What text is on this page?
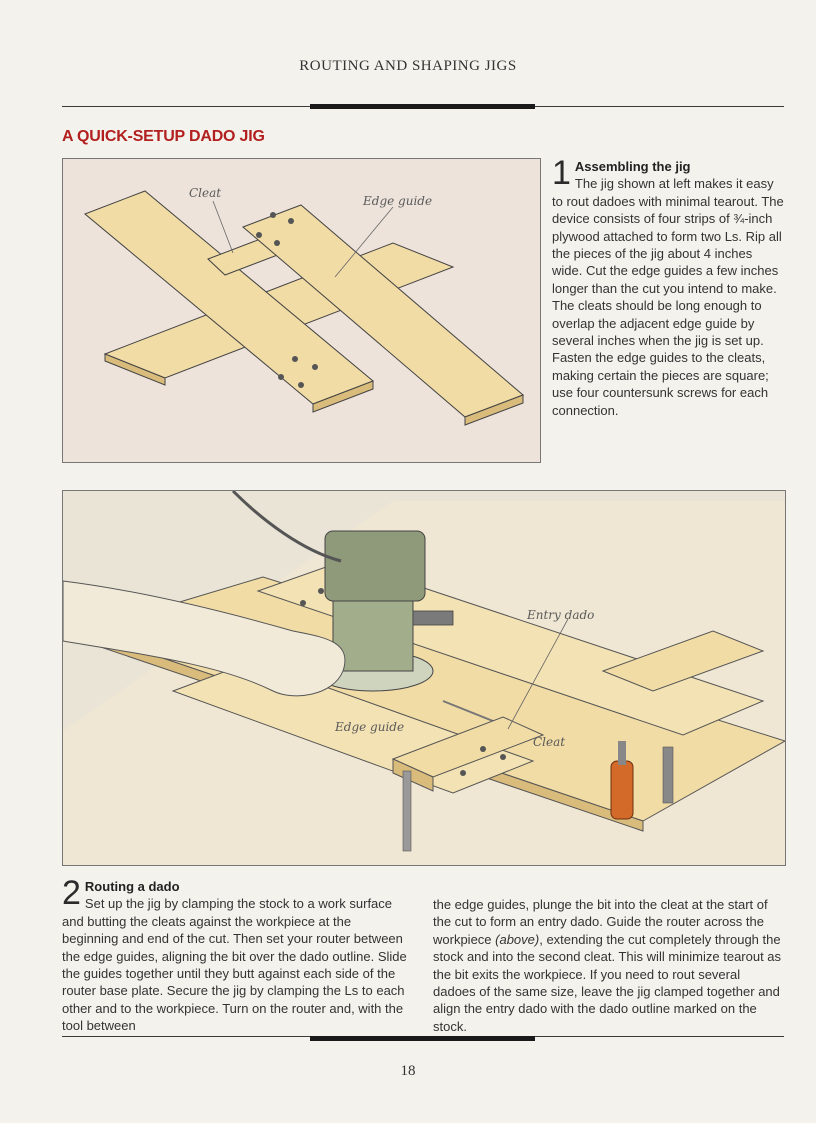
ROUTING AND SHAPING JIGS
A QUICK-SETUP DADO JIG
Cleat
Edge guide
1 Assembling the jig
The jig shown at left makes it easy to rout dadoes with minimal tearout. The device consists of four strips of ¾-inch plywood attached to form two Ls. Rip all the pieces of the jig about 4 inches wide. Cut the edge guides a few inches longer than the cut you intend to make. The cleats should be long enough to overlap the adjacent edge guide by several inches when the jig is set up. Fasten the edge guides to the cleats, making certain the pieces are square; use four countersunk screws for each connection.
Entry dado
Edge guide
Cleat
2 Routing a dado
Set up the jig by clamping the stock to a work surface and butting the cleats against the workpiece at the beginning and end of the cut. Then set your router between the edge guides, aligning the bit over the dado outline. Slide the guides together until they butt against each side of the router base plate. Secure the jig by clamping the Ls to each other and to the workpiece. Turn on the router and, with the tool between
the edge guides, plunge the bit into the cleat at the start of the cut to form an entry dado. Guide the router across the workpiece (above), extending the cut completely through the stock and into the second cleat. This will minimize tearout as the bit exits the workpiece. If you need to rout several dadoes of the same size, leave the jig clamped together and align the entry dado with the dado outline marked on the stock.
18
